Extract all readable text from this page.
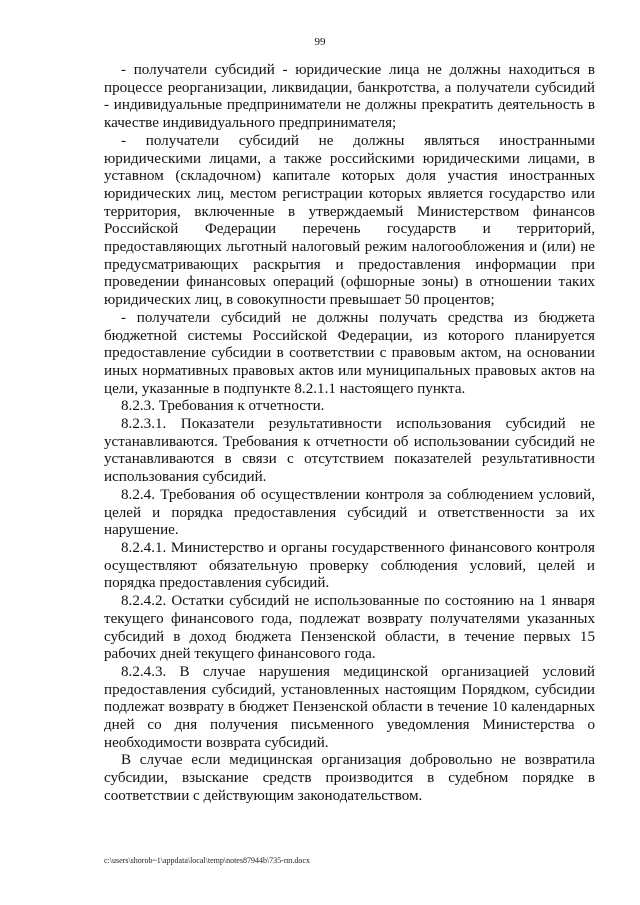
99

- получатели субсидий - юридические лица не должны находиться в процессе реорганизации, ликвидации, банкротства, а получатели субсидий - индивидуальные предприниматели не должны прекратить деятельность в качестве индивидуального предпринимателя;

- получатели субсидий не должны являться иностранными юридическими лицами, а также российскими юридическими лицами, в уставном (складочном) капитале которых доля участия иностранных юридических лиц, местом регистрации которых является государство или территория, включенные в утверждаемый Министерством финансов Российской Федерации перечень государств и территорий, предоставляющих льготный налоговый режим налогообложения и (или) не предусматривающих раскрытия и предоставления информации при проведении финансовых операций (офшорные зоны) в отношении таких юридических лиц, в совокупности превышает 50 процентов;

- получатели субсидий не должны получать средства из бюджета бюджетной системы Российской Федерации, из которого планируется предоставление субсидии в соответствии с правовым актом, на основании иных нормативных правовых актов или муниципальных правовых актов на цели, указанные в подпункте 8.2.1.1 настоящего пункта.

8.2.3. Требования к отчетности.

8.2.3.1. Показатели результативности использования субсидий не устанавливаются. Требования к отчетности об использовании субсидий не устанавливаются в связи с отсутствием показателей результативности использования субсидий.

8.2.4. Требования об осуществлении контроля за соблюдением условий, целей и порядка предоставления субсидий и ответственности за их нарушение.

8.2.4.1. Министерство и органы государственного финансового контроля осуществляют обязательную проверку соблюдения условий, целей и порядка предоставления субсидий.

8.2.4.2. Остатки субсидий не использованные по состоянию на 1 января текущего финансового года, подлежат возврату получателями указанных субсидий в доход бюджета Пензенской области, в течение первых 15 рабочих дней текущего финансового года.

8.2.4.3. В случае нарушения медицинской организацией условий предоставления субсидий, установленных настоящим Порядком, субсидии подлежат возврату в бюджет Пензенской области в течение 10 календарных дней со дня получения письменного уведомления Министерства о необходимости возврата субсидий.

В случае если медицинская организация добровольно не возвратила субсидии, взыскание средств производится в судебном порядке в соответствии с действующим законодательством.

c:\users\shorob~1\appdata\local\temp\notes87944b\735-пп.docx
